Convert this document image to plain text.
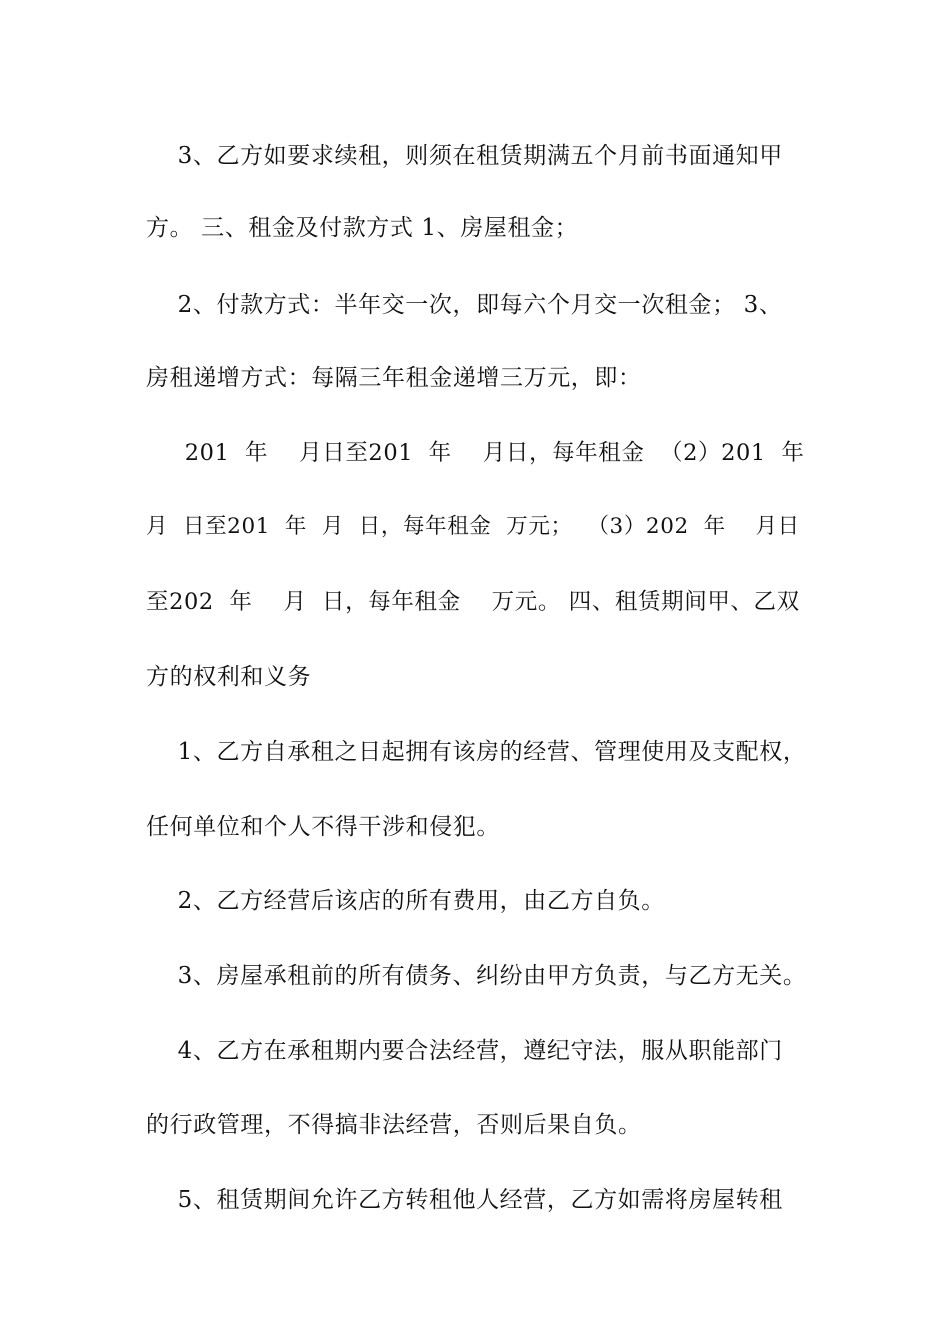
3、乙方如要求续租，则须在租赁期满五个月前书面通知甲

方。 三、租金及付款方式 1、房屋租金；

2、付款方式：半年交一次，即每六个月交一次租金； 3、

房租递增方式：每隔三年租金递增三万元，即：

201  年    月日至201  年    月日，每年租金  （2）201  年

月  日至201  年  月  日，每年租金  万元；  （3）202  年    月日

至202  年    月  日，每年租金    万元。 四、租赁期间甲、乙双

方的权利和义务

1、乙方自承租之日起拥有该房的经营、管理使用及支配权，

任何单位和个人不得干涉和侵犯。

2、乙方经营后该店的所有费用，由乙方自负。

3、房屋承租前的所有债务、纠纷由甲方负责，与乙方无关。

4、乙方在承租期内要合法经营，遵纪守法，服从职能部门

的行政管理，不得搞非法经营，否则后果自负。

5、租赁期间允许乙方转租他人经营，乙方如需将房屋转租
